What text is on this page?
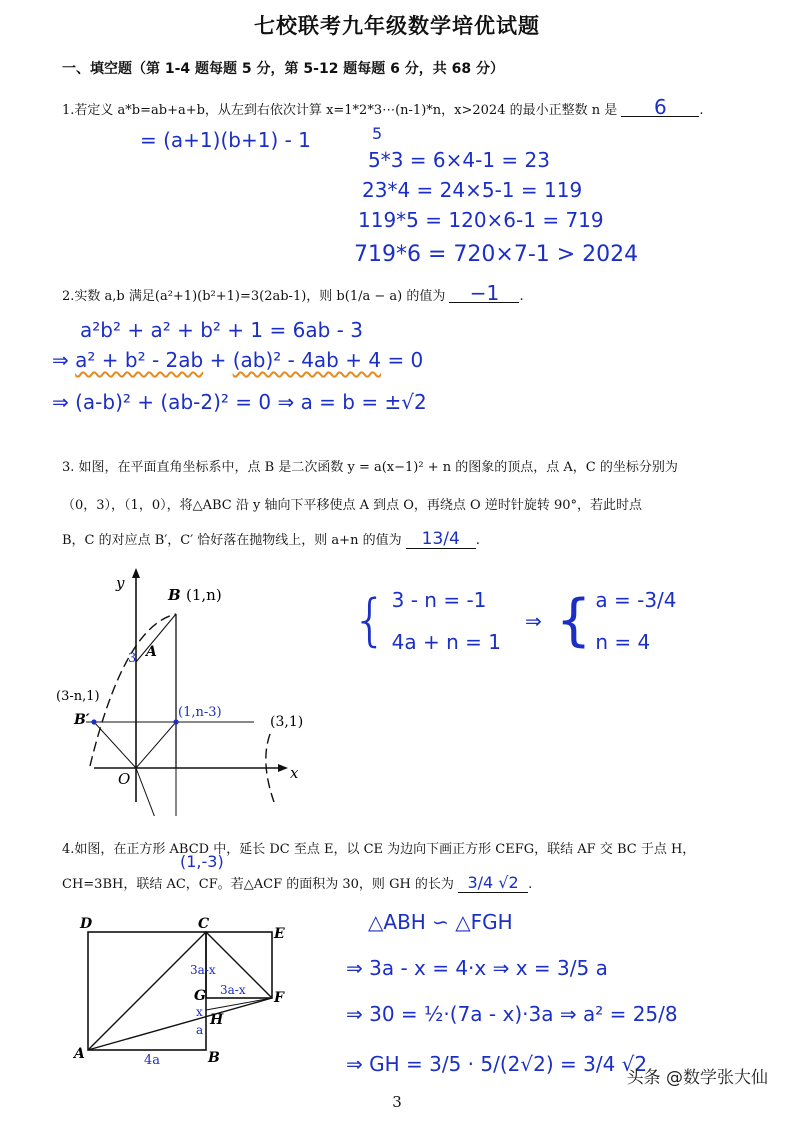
七校联考九年级数学培优试题
一、填空题（第 1-4 题每题 5 分，第 5-12 题每题 6 分，共 68 分）
1.若定义 a*b=ab+a+b，从左到右依次计算 x=1*2*3⋯(n-1)*n，x>2024 的最小正整数 n 是 6	.
= (a+1)(b+1) - 1	5
5*3 = 6×4-1 = 23
23*4 = 24×5-1 = 119
119*5 = 120×6-1 = 719
719*6 = 720×7-1 > 2024
2.实数 a,b 满足(a²+1)(b²+1)=3(2ab-1)，则 b(1/a − a) 的值为 −1 .
a²b² + a² + b² + 1 = 6ab - 3
⇒ a² + b² - 2ab + (ab)² - 4ab + 4 = 0
⇒ (a-b)² + (ab-2)² = 0 ⇒ a = b = ±√2
3. 如图，在平面直角坐标系中，点 B 是二次函数 y = a(x−1)² + n 的图象的顶点，点 A，C 的坐标分别为
（0，3），（1，0），将△ABC 沿 y 轴向下平移使点 A 到点 O，再绕点 O 逆时针旋转 90°，若此时点
B，C 的对应点 B′，C′ 恰好落在抛物线上，则 a+n 的值为 13/4 .
y
x
O
B (1,n)
A
3
B′
(3-n,1)
(1,n-3)
(3,1)
(1,-3)
{ 3 - n = -1
4a + n = 1
⇒ { a = -3/4
n = 4
4.如图，在正方形 ABCD 中，延长 DC 至点 E，以 CE 为边向下画正方形 CEFG，联结 AF 交 BC 于点 H，
CH=3BH，联结 AC，CF。若△ACF 的面积为 30，则 GH 的长为 3/4 √2 .
D	C
E
G	F
H
A	B
3a-x
3a-x
x
a
4a
△ABH ∽ △FGH
⇒ 3a - x = 4·x ⇒ x = 3/5 a
⇒ 30 = ½·(7a - x)·3a ⇒ a² = 25/8
⇒ GH = 3/5 · 5/(2√2) = 3/4 √2
头条 @数学张大仙
3
